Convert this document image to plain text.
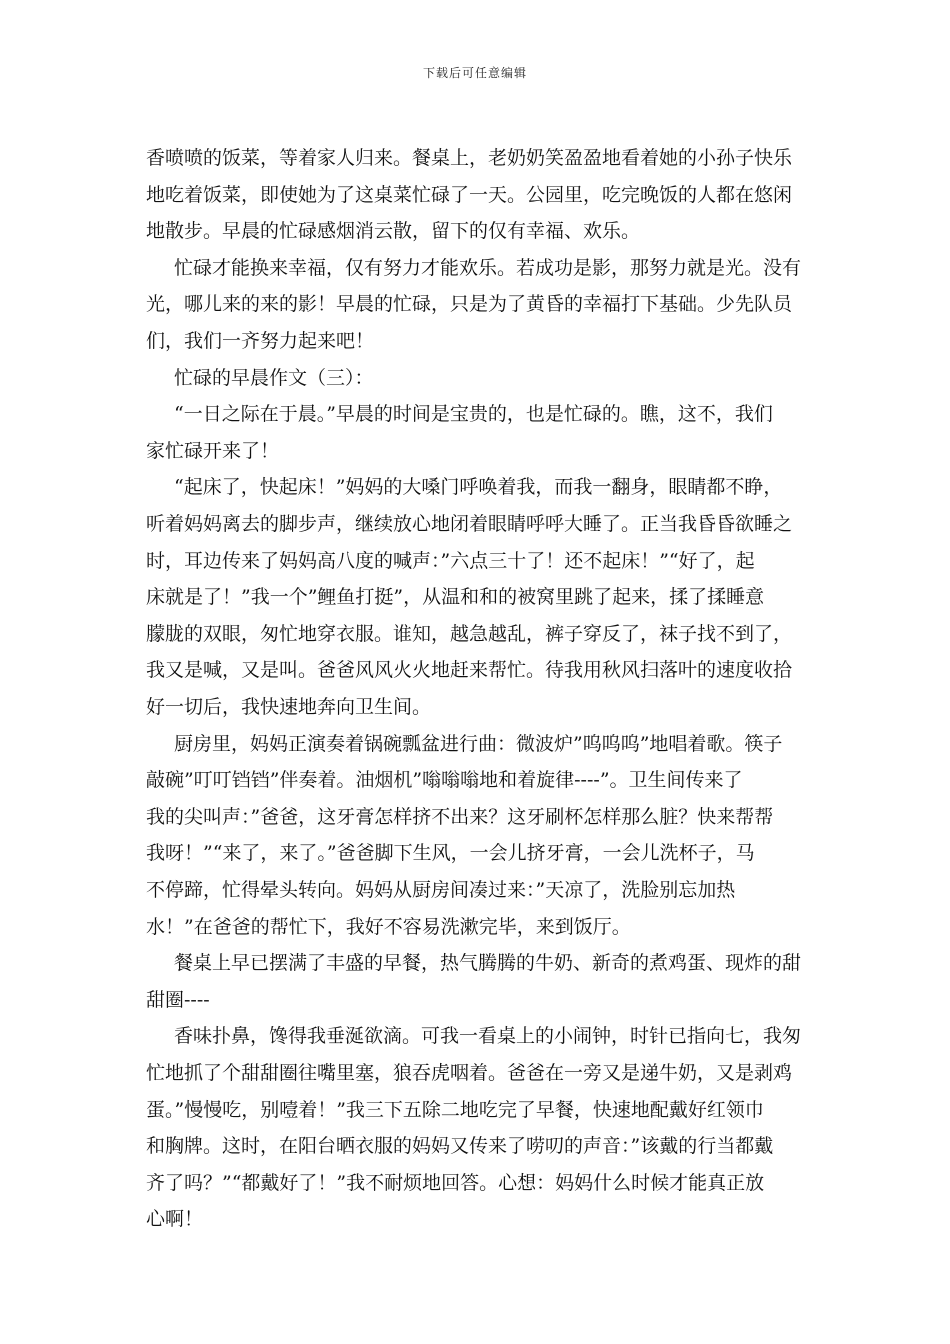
下载后可任意编辑
香喷喷的饭菜，等着家人归来。餐桌上，老奶奶笑盈盈地看着她的小孙子快乐
地吃着饭菜，即使她为了这桌菜忙碌了一天。公园里，吃完晚饭的人都在悠闲
地散步。早晨的忙碌感烟消云散，留下的仅有幸福、欢乐。
忙碌才能换来幸福，仅有努力才能欢乐。若成功是影，那努力就是光。没有
光，哪儿来的来的影！早晨的忙碌，只是为了黄昏的幸福打下基础。少先队员
们，我们一齐努力起来吧！
忙碌的早晨作文（三）：
“一日之际在于晨。”早晨的时间是宝贵的，也是忙碌的。瞧，这不，我们
家忙碌开来了！
“起床了，快起床！”妈妈的大嗓门呼唤着我，而我一翻身，眼睛都不睁，
听着妈妈离去的脚步声，继续放心地闭着眼睛呼呼大睡了。正当我昏昏欲睡之
时，耳边传来了妈妈高八度的喊声：”六点三十了！还不起床！”“好了，起
床就是了！”我一个”鲤鱼打挺”，从温和和的被窝里跳了起来，揉了揉睡意
朦胧的双眼，匆忙地穿衣服。谁知，越急越乱，裤子穿反了，袜子找不到了，
我又是喊，又是叫。爸爸风风火火地赶来帮忙。待我用秋风扫落叶的速度收拾
好一切后，我快速地奔向卫生间。
厨房里，妈妈正演奏着锅碗瓢盆进行曲：微波炉”呜呜呜”地唱着歌。筷子
敲碗”叮叮铛铛”伴奏着。油烟机”嗡嗡嗡地和着旋律----”。卫生间传来了
我的尖叫声：”爸爸，这牙膏怎样挤不出来？这牙刷杯怎样那么脏？快来帮帮
我呀！”“来了，来了。”爸爸脚下生风，一会儿挤牙膏，一会儿洗杯子，马
不停蹄，忙得晕头转向。妈妈从厨房间凑过来：”天凉了，洗脸别忘加热
水！”在爸爸的帮忙下，我好不容易洗漱完毕，来到饭厅。
餐桌上早已摆满了丰盛的早餐，热气腾腾的牛奶、新奇的煮鸡蛋、现炸的甜
甜圈----
香味扑鼻，馋得我垂涎欲滴。可我一看桌上的小闹钟，时针已指向七，我匆
忙地抓了个甜甜圈往嘴里塞，狼吞虎咽着。爸爸在一旁又是递牛奶，又是剥鸡
蛋。”慢慢吃，别噎着！”我三下五除二地吃完了早餐，快速地配戴好红领巾
和胸牌。这时，在阳台晒衣服的妈妈又传来了唠叨的声音：”该戴的行当都戴
齐了吗？”“都戴好了！”我不耐烦地回答。心想：妈妈什么时候才能真正放
心啊！
